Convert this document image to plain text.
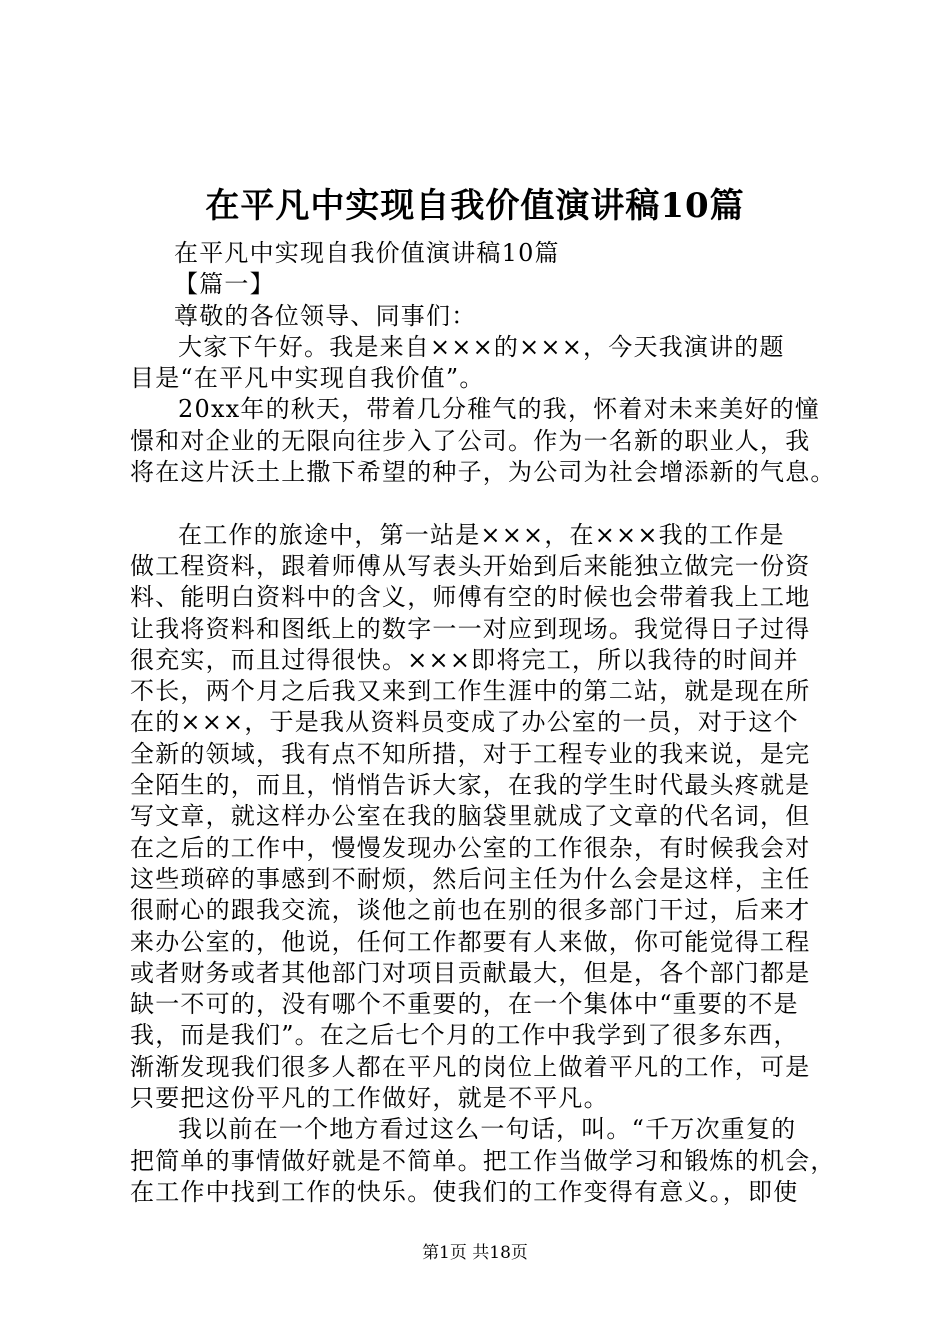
在平凡中实现自我价值演讲稿10篇
在平凡中实现自我价值演讲稿10篇
【篇一】
尊敬的各位领导、同事们：
大家下午好。我是来自×××的×××，今天我演讲的题
目是“在平凡中实现自我价值”。
20xx年的秋天，带着几分稚气的我，怀着对未来美好的憧
憬和对企业的无限向往步入了公司。作为一名新的职业人，我
将在这片沃土上撒下希望的种子，为公司为社会增添新的气息。
在工作的旅途中，第一站是×××，在×××我的工作是
做工程资料，跟着师傅从写表头开始到后来能独立做完一份资
料、能明白资料中的含义，师傅有空的时候也会带着我上工地
让我将资料和图纸上的数字一一对应到现场。我觉得日子过得
很充实，而且过得很快。×××即将完工，所以我待的时间并
不长，两个月之后我又来到工作生涯中的第二站，就是现在所
在的×××，于是我从资料员变成了办公室的一员，对于这个
全新的领域，我有点不知所措，对于工程专业的我来说，是完
全陌生的，而且，悄悄告诉大家，在我的学生时代最头疼就是
写文章，就这样办公室在我的脑袋里就成了文章的代名词，但
在之后的工作中，慢慢发现办公室的工作很杂，有时候我会对
这些琐碎的事感到不耐烦，然后问主任为什么会是这样，主任
很耐心的跟我交流，谈他之前也在别的很多部门干过，后来才
来办公室的，他说，任何工作都要有人来做，你可能觉得工程
或者财务或者其他部门对项目贡献最大，但是，各个部门都是
缺一不可的，没有哪个不重要的，在一个集体中“重要的不是
我，而是我们”。在之后七个月的工作中我学到了很多东西，
渐渐发现我们很多人都在平凡的岗位上做着平凡的工作，可是
只要把这份平凡的工作做好，就是不平凡。
我以前在一个地方看过这么一句话，叫。“千万次重复的
把简单的事情做好就是不简单。把工作当做学习和锻炼的机会，
在工作中找到工作的快乐。使我们的工作变得有意义。，即使
第1页 共18页
